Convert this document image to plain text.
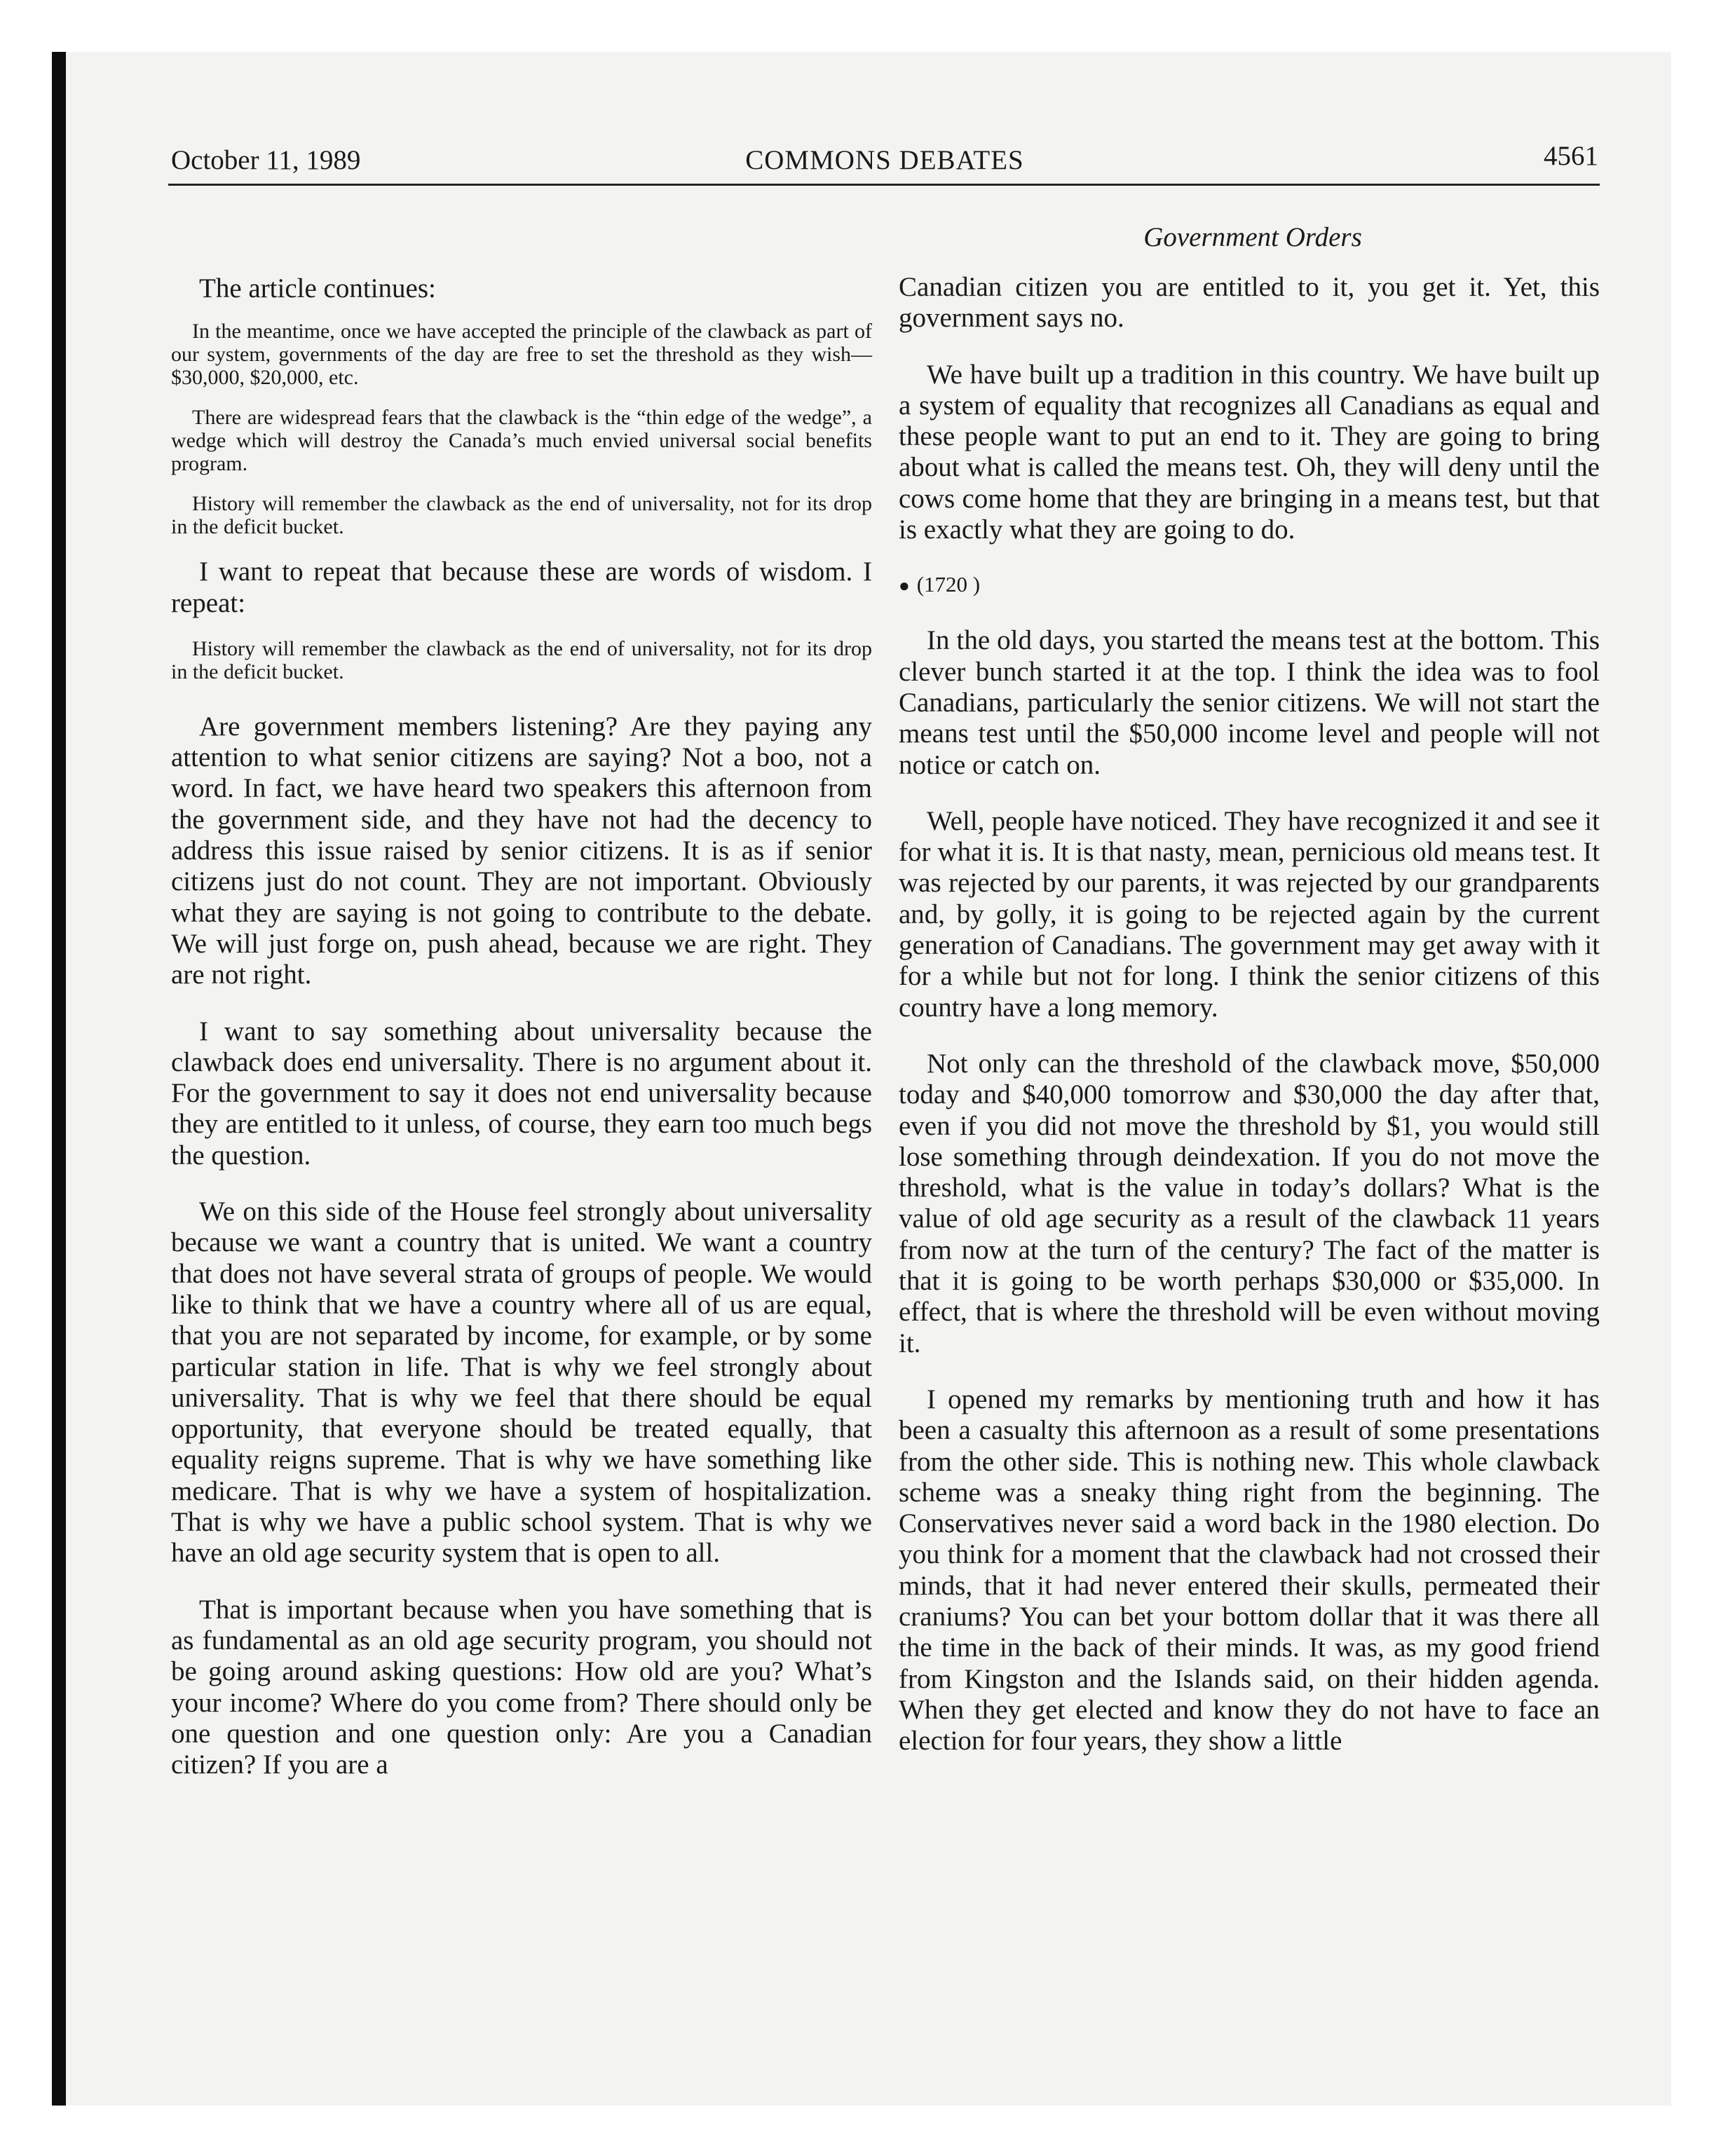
October 11, 1989	COMMONS DEBATES	4561
Government Orders

The article continues:

In the meantime, once we have accepted the principle of the clawback as part of our system, governments of the day are free to set the threshold as they wish—$30,000, $20,000, etc.

There are widespread fears that the clawback is the “thin edge of the wedge”, a wedge which will destroy the Canada’s much envied universal social benefits program.

History will remember the clawback as the end of universality, not for its drop in the deficit bucket.

I want to repeat that because these are words of wisdom. I repeat:

History will remember the clawback as the end of universality, not for its drop in the deficit bucket.

Are government members listening? Are they paying any attention to what senior citizens are saying? Not a boo, not a word. In fact, we have heard two speakers this afternoon from the government side, and they have not had the decency to address this issue raised by senior citizens. It is as if senior citizens just do not count. They are not important. Obviously what they are saying is not going to contribute to the debate. We will just forge on, push ahead, because we are right. They are not right.

I want to say something about universality because the clawback does end universality. There is no argument about it. For the government to say it does not end universality because they are entitled to it unless, of course, they earn too much begs the question.

We on this side of the House feel strongly about universality because we want a country that is united. We want a country that does not have several strata of groups of people. We would like to think that we have a country where all of us are equal, that you are not separated by income, for example, or by some particular station in life. That is why we feel strongly about universality. That is why we feel that there should be equal opportunity, that everyone should be treated equally, that equality reigns supreme. That is why we have something like medicare. That is why we have a system of hospitalization. That is why we have a public school system. That is why we have an old age security system that is open to all.

That is important because when you have something that is as fundamental as an old age security program, you should not be going around asking questions: How old are you? What’s your income? Where do you come from? There should only be one question and one question only: Are you a Canadian citizen? If you are a

Canadian citizen you are entitled to it, you get it. Yet, this government says no.

We have built up a tradition in this country. We have built up a system of equality that recognizes all Canadians as equal and these people want to put an end to it. They are going to bring about what is called the means test. Oh, they will deny until the cows come home that they are bringing in a means test, but that is exactly what they are going to do.

● (1720 )

In the old days, you started the means test at the bottom. This clever bunch started it at the top. I think the idea was to fool Canadians, particularly the senior citizens. We will not start the means test until the $50,000 income level and people will not notice or catch on.

Well, people have noticed. They have recognized it and see it for what it is. It is that nasty, mean, pernicious old means test. It was rejected by our parents, it was rejected by our grandparents and, by golly, it is going to be rejected again by the current generation of Canadians. The government may get away with it for a while but not for long. I think the senior citizens of this country have a long memory.

Not only can the threshold of the clawback move, $50,000 today and $40,000 tomorrow and $30,000 the day after that, even if you did not move the threshold by $1, you would still lose something through deindexation. If you do not move the threshold, what is the value in today’s dollars? What is the value of old age security as a result of the clawback 11 years from now at the turn of the century? The fact of the matter is that it is going to be worth perhaps $30,000 or $35,000. In effect, that is where the threshold will be even without moving it.

I opened my remarks by mentioning truth and how it has been a casualty this afternoon as a result of some presentations from the other side. This is nothing new. This whole clawback scheme was a sneaky thing right from the beginning. The Conservatives never said a word back in the 1980 election. Do you think for a moment that the clawback had not crossed their minds, that it had never entered their skulls, permeated their craniums? You can bet your bottom dollar that it was there all the time in the back of their minds. It was, as my good friend from Kingston and the Islands said, on their hidden agenda. When they get elected and know they do not have to face an election for four years, they show a little
